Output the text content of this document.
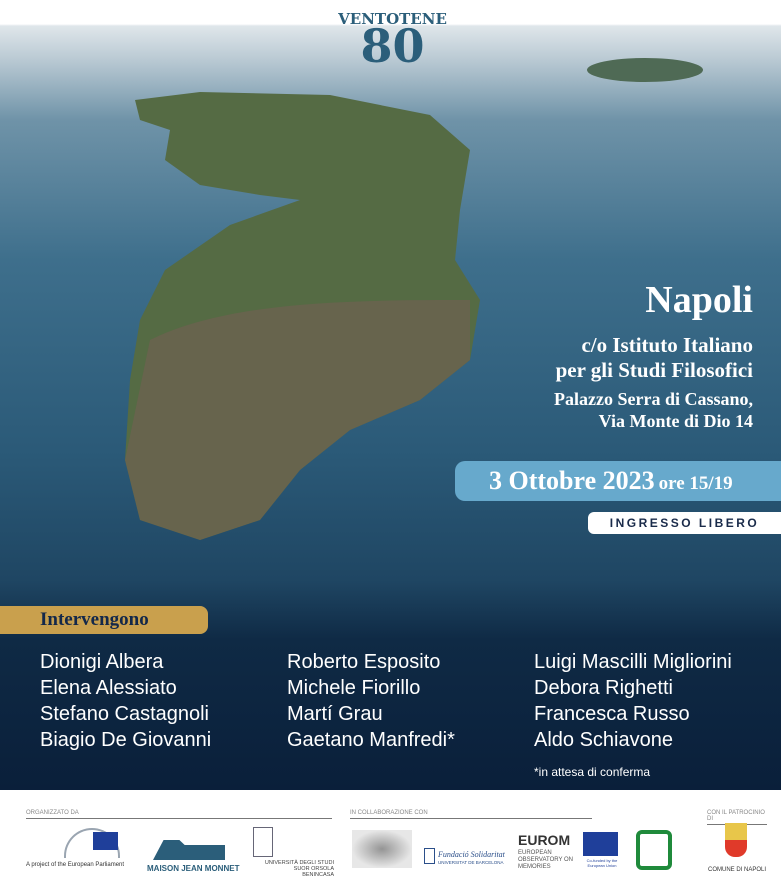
VENTOTENE
80
Napoli
c/o Istituto Italiano
per gli Studi Filosofici
Palazzo Serra di Cassano,
Via Monte di Dio 14
3 Ottobre 2023 ore 15/19
INGRESSO LIBERO
Intervengono
Dionigi Albera
Elena Alessiato
Stefano Castagnoli
Biagio De Giovanni
Roberto Esposito
Michele Fiorillo
Martí Grau
Gaetano Manfredi*
Luigi Mascilli Migliorini
Debora Righetti
Francesca Russo
Aldo Schiavone
*in attesa di conferma
ORGANIZZATO DA	IN COLLABORAZIONE CON	CON IL PATROCINIO DI
A project of the European Parliament	MAISON JEAN MONNET
UNIVERSITÀ DEGLI STUDI SUOR ORSOLA BENINCASA
Fundació Solidaritat
UNIVERSITAT DE BARCELONA
EUROM
EUROPEAN OBSERVATORY ON MEMORIES
Co-funded by the European Union
COMUNE DI NAPOLI
